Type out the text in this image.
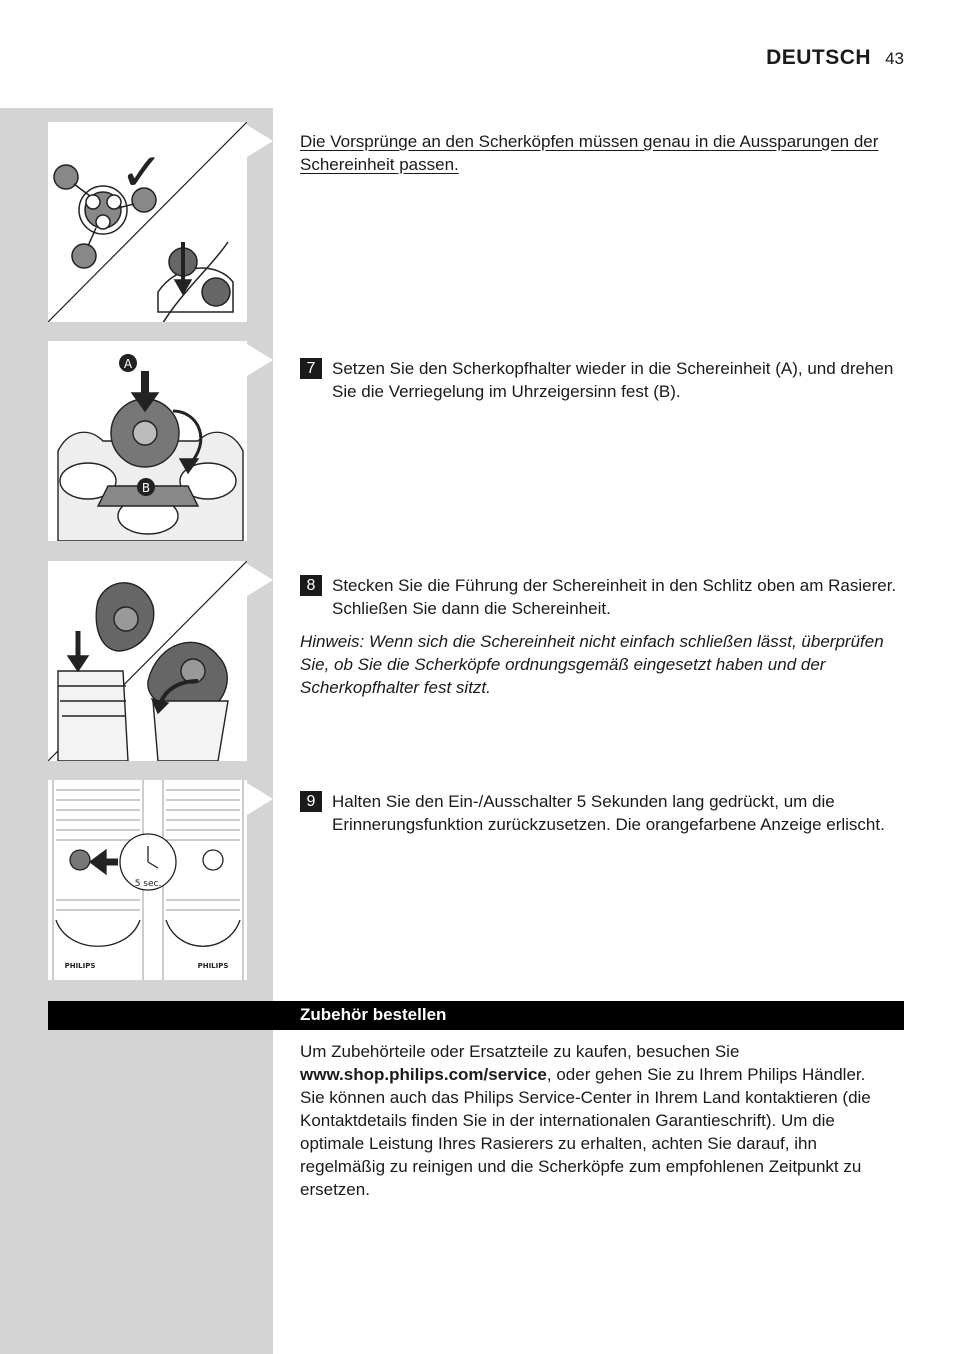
DEUTSCH 43
✓
A
B
5 sec.
PHILIPS	PHILIPS
Die Vorsprünge an den Scherköpfen müssen genau in die Aussparungen der Schereinheit passen.
7 Setzen Sie den Scherkopfhalter wieder in die Schereinheit (A), und drehen Sie die Verriegelung im Uhrzeigersinn fest (B).
8 Stecken Sie die Führung der Schereinheit in den Schlitz oben am Rasierer. Schließen Sie dann die Schereinheit.
Hinweis: Wenn sich die Schereinheit nicht einfach schließen lässt, überprüfen Sie, ob Sie die Scherköpfe ordnungsgemäß eingesetzt haben und der Scherkopfhalter fest sitzt.
9 Halten Sie den Ein-/Ausschalter 5 Sekunden lang gedrückt, um die Erinnerungsfunktion zurückzusetzen. Die orangefarbene Anzeige erlischt.
Zubehör bestellen
Um Zubehörteile oder Ersatzteile zu kaufen, besuchen Sie www.shop.philips.com/service, oder gehen Sie zu Ihrem Philips Händler. Sie können auch das Philips Service-Center in Ihrem Land kontaktieren (die Kontaktdetails finden Sie in der internationalen Garantieschrift). Um die optimale Leistung Ihres Rasierers zu erhalten, achten Sie darauf, ihn regelmäßig zu reinigen und die Scherköpfe zum empfohlenen Zeitpunkt zu ersetzen.
